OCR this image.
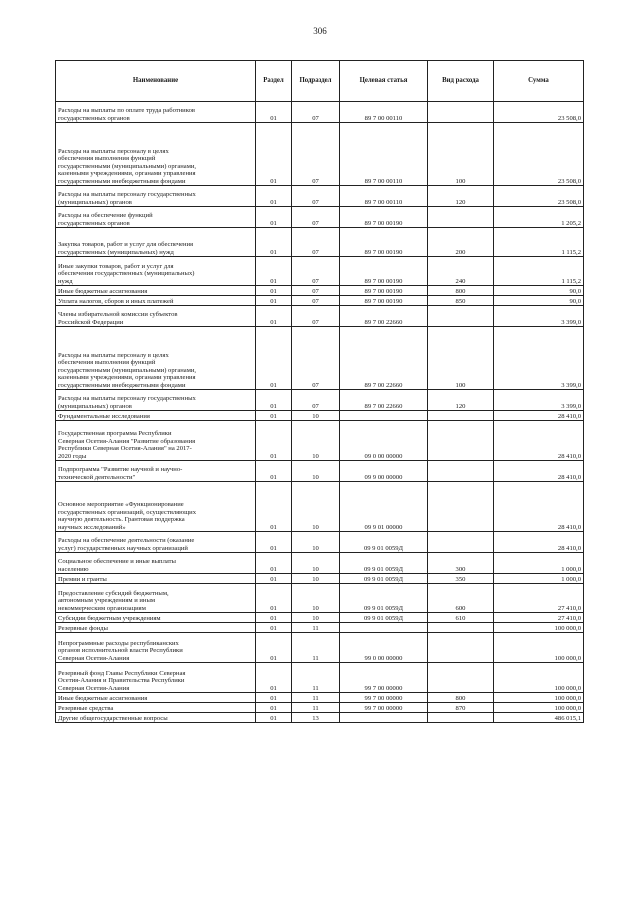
306
Наименование	Раздел	Подраздел	Целевая статья	Вид расхода	Сумма
Расходы на выплаты по оплате труда работников
государственных органов	01	07	89 7 00 00110		23 508,0
Расходы на выплаты персоналу в целях
обеспечения выполнения функций
государственными (муниципальными) органами,
казенными учреждениями, органами управления
государственными внебюджетными фондами	01	07	89 7 00 00110	100	23 508,0
Расходы на выплаты персоналу государственных
(муниципальных) органов	01	07	89 7 00 00110	120	23 508,0
Расходы на обеспечение функций
государственных органов	01	07	89 7 00 00190		1 205,2
Закупка товаров, работ и услуг для обеспечения
государственных (муниципальных) нужд	01	07	89 7 00 00190	200	1 115,2
Иные закупки товаров, работ и услуг для
обеспечения государственных (муниципальных)
нужд	01	07	89 7 00 00190	240	1 115,2
Иные бюджетные ассигнования	01	07	89 7 00 00190	800	90,0
Уплата налогов, сборов и иных платежей	01	07	89 7 00 00190	850	90,0
Члены избирательной комиссии субъектов
Российской Федерации	01	07	89 7 00 22660		3 399,0
Расходы на выплаты персоналу в целях
обеспечения выполнения функций
государственными (муниципальными) органами,
казенными учреждениями, органами управления
государственными внебюджетными фондами	01	07	89 7 00 22660	100	3 399,0
Расходы на выплаты персоналу государственных
(муниципальных) органов	01	07	89 7 00 22660	120	3 399,0
Фундаментальные исследования	01	10			28 410,0
Государственная программа Республики
Северная Осетия-Алания "Развитие образования
Республики Северная Осетия-Алания" на 2017-
2020 годы	01	10	09 0 00 00000		28 410,0
Подпрограмма "Развитие научной и научно-
технической деятельности"	01	10	09 9 00 00000		28 410,0
Основное мероприятие «Функционирование
государственных организаций, осуществляющих
научную деятельность. Грантовая поддержка
научных исследований»	01	10	09 9 01 00000		28 410,0
Расходы на обеспечение деятельности (оказание
услуг) государственных научных организаций	01	10	09 9 01 0059Д		28 410,0
Социальное обеспечение и иные выплаты
населению	01	10	09 9 01 0059Д	300	1 000,0
Премии и гранты	01	10	09 9 01 0059Д	350	1 000,0
Предоставление субсидий бюджетным,
автономным учреждениям и иным
некоммерческим организациям	01	10	09 9 01 0059Д	600	27 410,0
Субсидии бюджетным учреждениям	01	10	09 9 01 0059Д	610	27 410,0
Резервные фонды	01	11			100 000,0
Непрограммные расходы республиканских
органов исполнительной власти Республики
Северная Осетия-Алания	01	11	99 0 00 00000		100 000,0
Резервный фонд Главы Республики Северная
Осетия-Алания и Правительства Республики
Северная Осетия-Алания	01	11	99 7 00 00000		100 000,0
Иные бюджетные ассигнования	01	11	99 7 00 00000	800	100 000,0
Резервные средства	01	11	99 7 00 00000	870	100 000,0
Другие общегосударственные вопросы	01	13			486 015,1
